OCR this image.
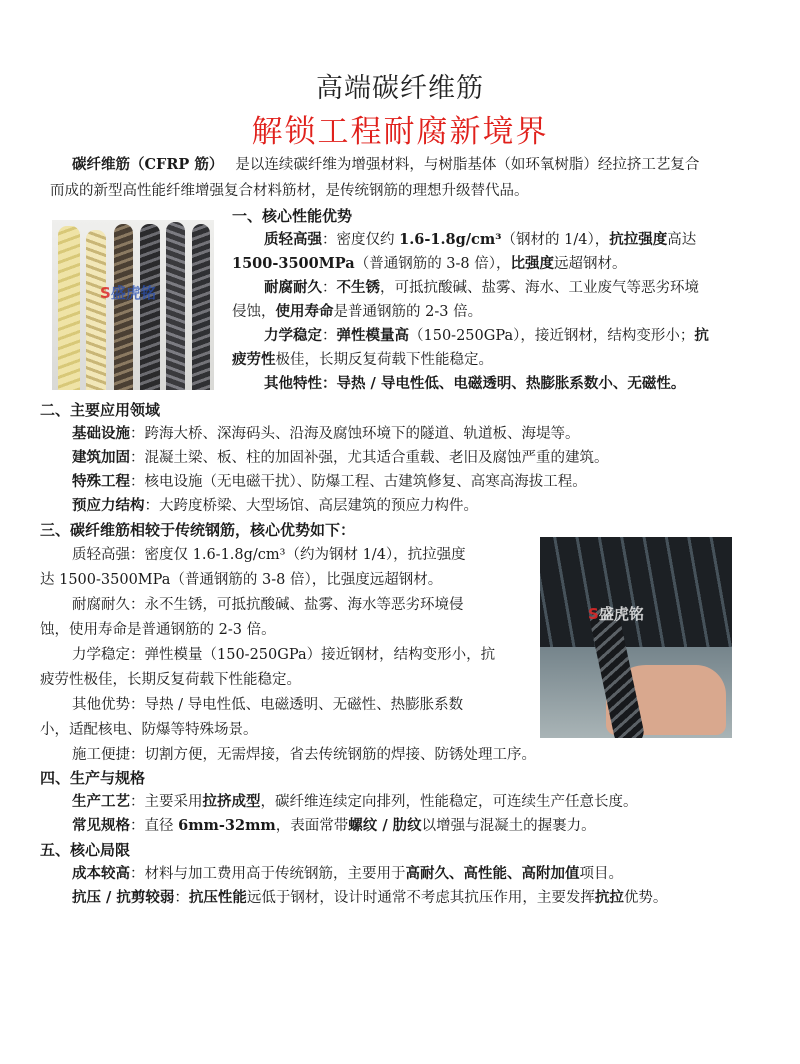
高端碳纤维筋
解锁工程耐腐新境界
碳纤维筋（CFRP 筋） 是以连续碳纤维为增强材料，与树脂基体（如环氧树脂）经拉挤工艺复合
而成的新型高性能纤维增强复合材料筋材，是传统钢筋的理想升级替代品。
S盛虎铭
一、核心性能优势
质轻高强：密度仅约 1.6-1.8g/cm³（钢材的 1/4），抗拉强度高达
1500-3500MPa（普通钢筋的 3-8 倍），比强度远超钢材。
耐腐耐久：不生锈，可抵抗酸碱、盐雾、海水、工业废气等恶劣环境
侵蚀，使用寿命是普通钢筋的 2-3 倍。
力学稳定：弹性模量高（150-250GPa），接近钢材，结构变形小；抗
疲劳性极佳，长期反复荷载下性能稳定。
其他特性：导热 / 导电性低、电磁透明、热膨胀系数小、无磁性。
二、主要应用领域
基础设施：跨海大桥、深海码头、沿海及腐蚀环境下的隧道、轨道板、海堤等。
建筑加固：混凝土梁、板、柱的加固补强，尤其适合重载、老旧及腐蚀严重的建筑。
特殊工程：核电设施（无电磁干扰）、防爆工程、古建筑修复、高寒高海拔工程。
预应力结构：大跨度桥梁、大型场馆、高层建筑的预应力构件。
三、碳纤维筋相较于传统钢筋，核心优势如下：
质轻高强：密度仅 1.6-1.8g/cm³（约为钢材 1/4），抗拉强度
达 1500-3500MPa（普通钢筋的 3-8 倍），比强度远超钢材。
耐腐耐久：永不生锈，可抵抗酸碱、盐雾、海水等恶劣环境侵
蚀，使用寿命是普通钢筋的 2-3 倍。
力学稳定：弹性模量（150-250GPa）接近钢材，结构变形小，抗
疲劳性极佳，长期反复荷载下性能稳定。
其他优势：导热 / 导电性低、电磁透明、无磁性、热膨胀系数
小，适配核电、防爆等特殊场景。
施工便捷：切割方便，无需焊接，省去传统钢筋的焊接、防锈处理工序。
S盛虎铭
四、生产与规格
生产工艺：主要采用拉挤成型，碳纤维连续定向排列，性能稳定，可连续生产任意长度。
常见规格：直径 6mm-32mm，表面常带螺纹 / 肋纹以增强与混凝土的握裹力。
五、核心局限
成本较高：材料与加工费用高于传统钢筋，主要用于高耐久、高性能、高附加值项目。
抗压 / 抗剪较弱：抗压性能远低于钢材，设计时通常不考虑其抗压作用，主要发挥抗拉优势。
